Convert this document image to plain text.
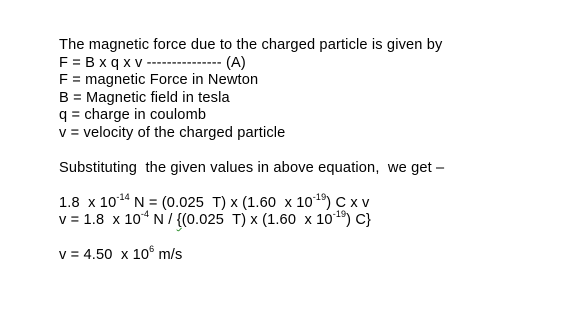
The magnetic force due to the charged particle is given by
F = B x q x v --------------- (A)
F = magnetic Force in Newton
B = Magnetic field in tesla
q = charge in coulomb
v = velocity of the charged particle
Substituting  the given values in above equation,  we get –
1.8  x $10^{-14}$ N = (0.025  T) x (1.60  x $10^{-19}$) C x v
v = 1.8  x $10^{-4}$ N / {(0.025  T) x (1.60  x $10^{-19}$) C}
v = 4.50  x $10^6$ m/s
